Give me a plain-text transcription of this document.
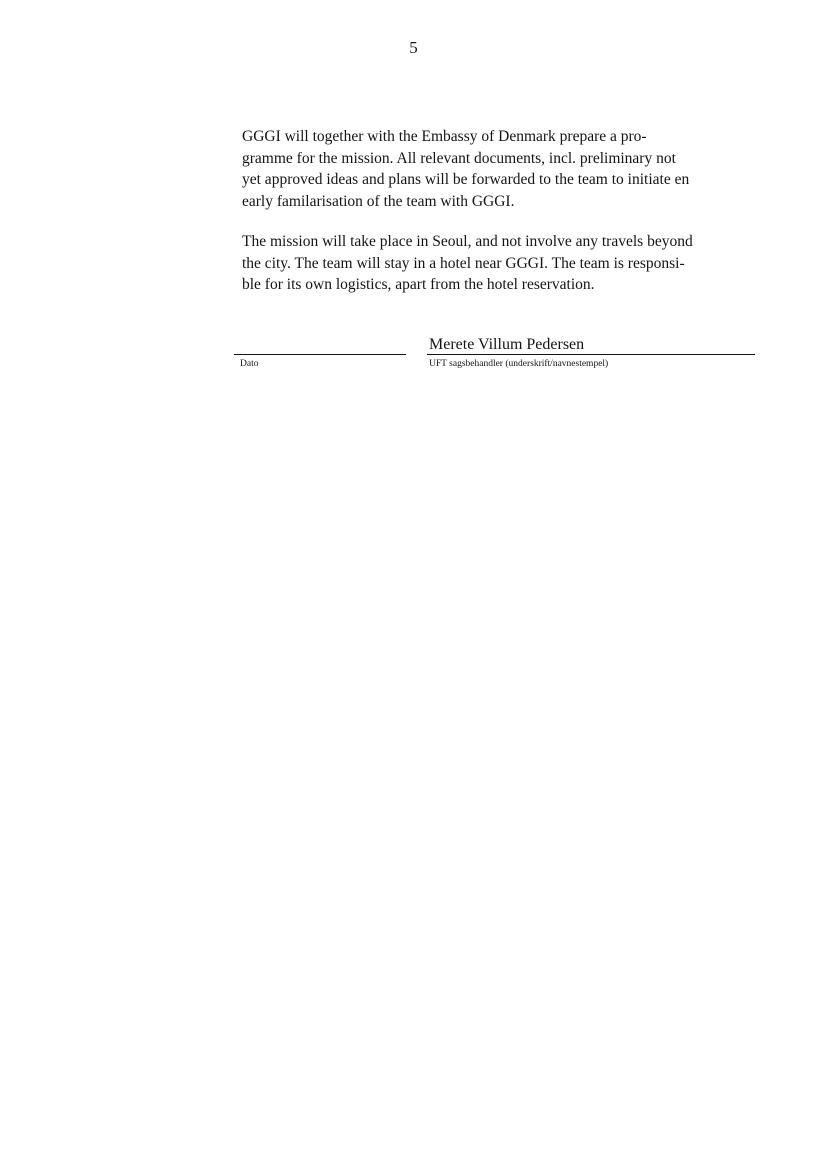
5
GGGI will together with the Embassy of Denmark prepare a pro-
gramme for the mission. All relevant documents, incl. preliminary not
yet approved ideas and plans will be forwarded to the team to initiate en
early familarisation of the team with GGGI.
The mission will take place in Seoul, and not involve any travels beyond
the city. The team will stay in a hotel near GGGI. The team is responsi-
ble for its own logistics, apart from the hotel reservation.
Merete Villum Pedersen
Dato	UFT sagsbehandler (underskrift/navnestempel)
